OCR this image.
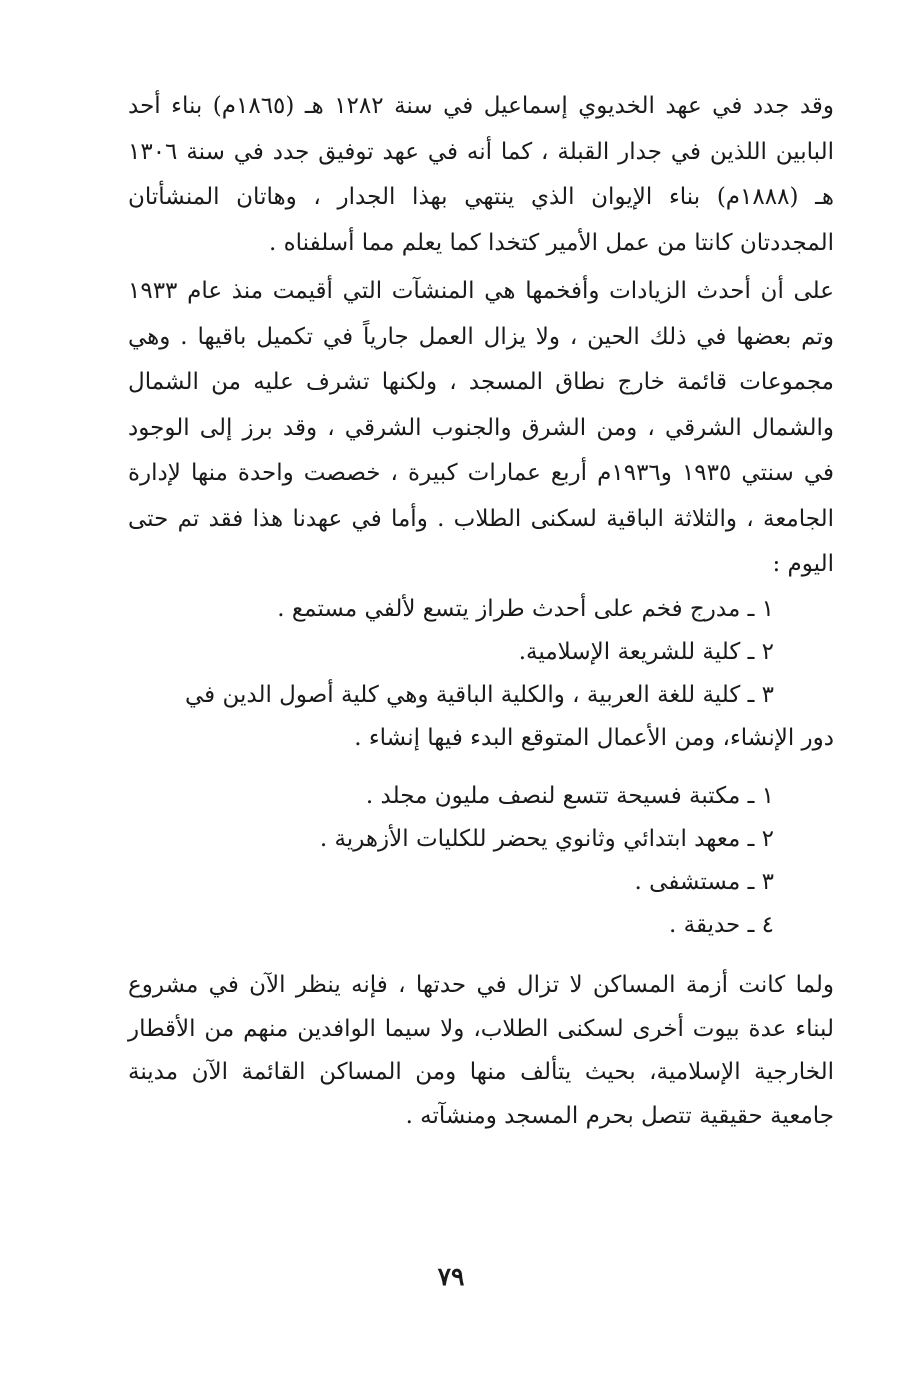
وقد جدد في عهد الخديوي إسماعيل في سنة ١٢٨٢ هـ (١٨٦٥م) بناء أحد البابين اللذين في جدار القبلة ، كما أنه في عهد توفيق جدد في سنة ١٣٠٦ هـ (١٨٨٨م) بناء الإيوان الذي ينتهي بهذا الجدار ، وهاتان المنشأتان المجددتان كانتا من عمل الأمير كتخدا كما يعلم مما أسلفناه .

على أن أحدث الزيادات وأفخمها هي المنشآت التي أقيمت منذ عام ١٩٣٣ وتم بعضها في ذلك الحين ، ولا يزال العمل جارياً في تكميل باقيها . وهي مجموعات قائمة خارج نطاق المسجد ، ولكنها تشرف عليه من الشمال والشمال الشرقي ، ومن الشرق والجنوب الشرقي ، وقد برز إلى الوجود في سنتي ١٩٣٥ و١٩٣٦م أربع عمارات كبيرة ، خصصت واحدة منها لإدارة الجامعة ، والثلاثة الباقية لسكنى الطلاب . وأما في عهدنا هذا فقد تم حتى اليوم :

١ ـ مدرج فخم على أحدث طراز يتسع لألفي مستمع .
٢ ـ كلية للشريعة الإسلامية.
٣ ـ كلية للغة العربية ، والكلية الباقية وهي كلية أصول الدين في
دور الإنشاء، ومن الأعمال المتوقع البدء فيها إنشاء .
١ ـ مكتبة فسيحة تتسع لنصف مليون مجلد .
٢ ـ معهد ابتدائي وثانوي يحضر للكليات الأزهرية .
٣ ـ مستشفى .
٤ ـ حديقة .

ولما كانت أزمة المساكن لا تزال في حدتها ، فإنه ينظر الآن في مشروع لبناء عدة بيوت أخرى لسكنى الطلاب، ولا سيما الوافدين منهم من الأقطار الخارجية الإسلامية، بحيث يتألف منها ومن المساكن القائمة الآن مدينة جامعية حقيقية تتصل بحرم المسجد ومنشآته .

٧٩
